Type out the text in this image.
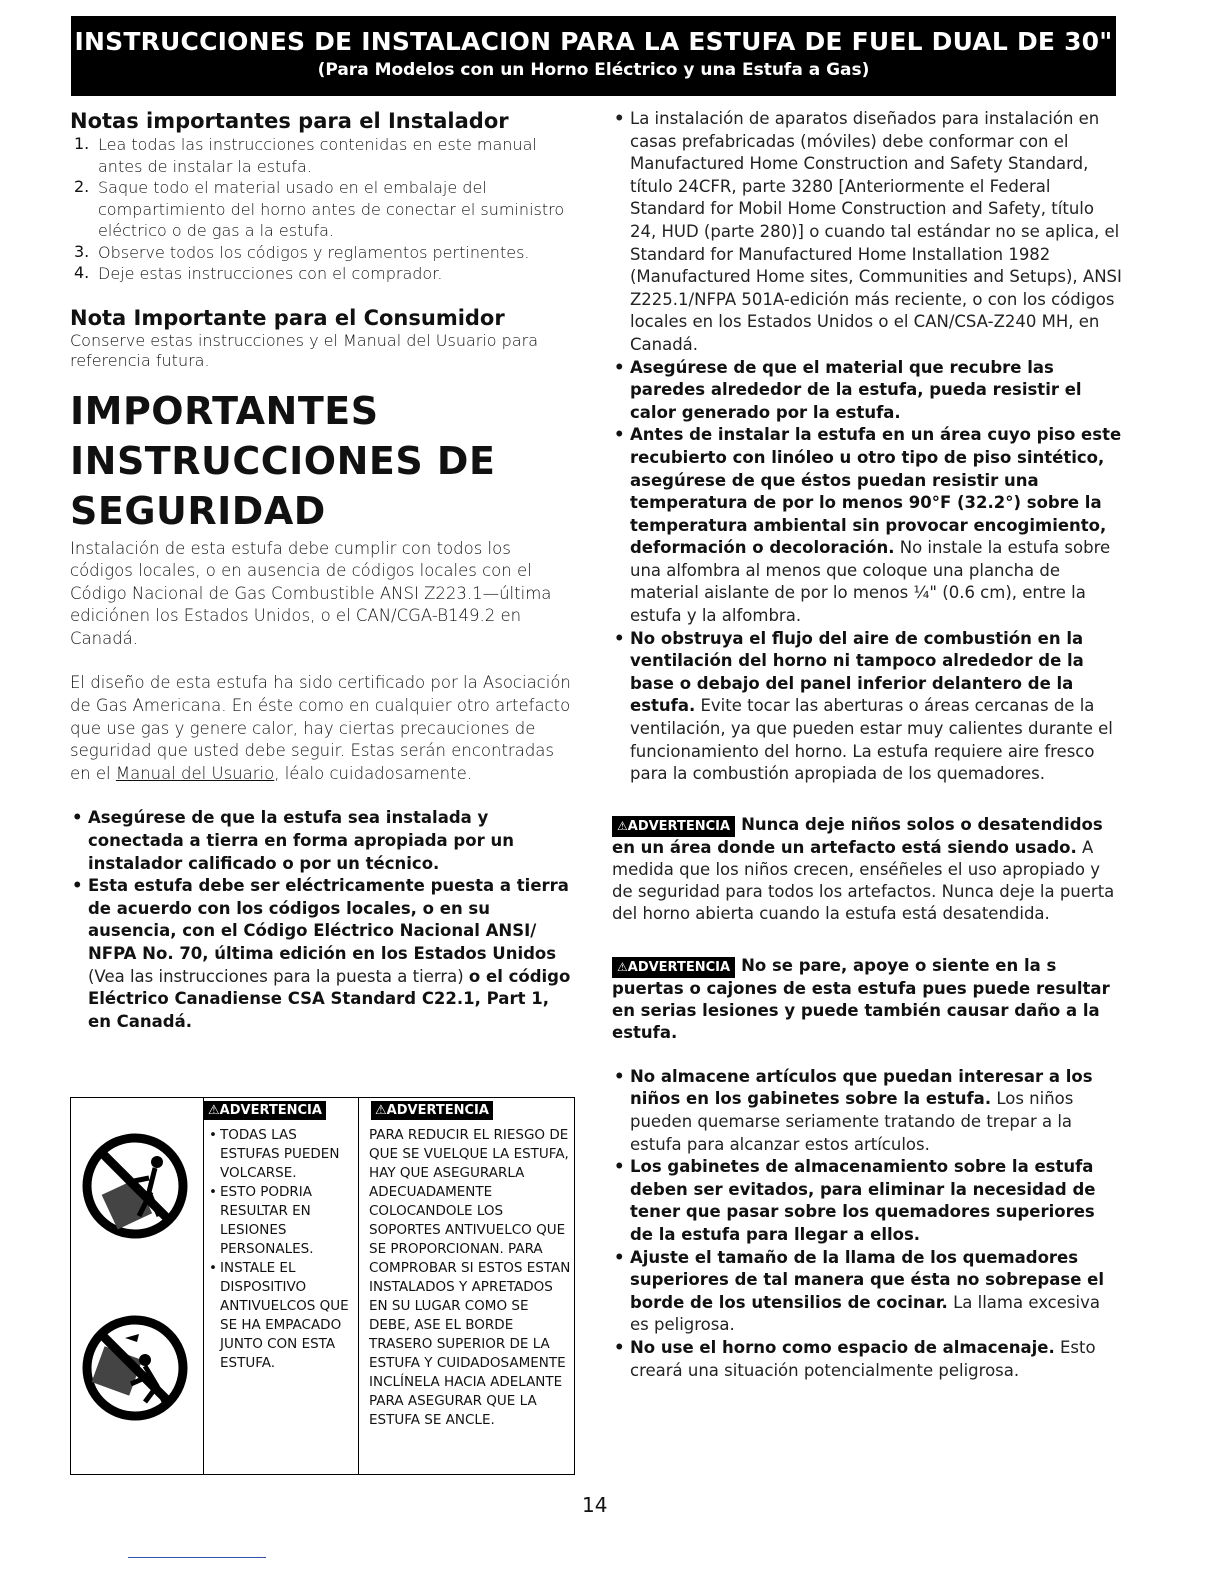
INSTRUCCIONES DE INSTALACION PARA LA ESTUFA DE FUEL DUAL DE 30"
(Para Modelos con un Horno Eléctrico y una Estufa a Gas)
Notas importantes para el Instalador
1. Lea todas las instrucciones contenidas en este manual antes de instalar la estufa.
2. Saque todo el material usado en el embalaje del compartimiento del horno antes de conectar el suministro eléctrico o de gas a la estufa.
3. Observe todos los códigos y reglamentos pertinentes.
4. Deje estas instrucciones con el comprador.
Nota Importante para el Consumidor
Conserve estas instrucciones y el Manual del Usuario para referencia futura.
IMPORTANTES
INSTRUCCIONES DE
SEGURIDAD
Instalación de esta estufa debe cumplir con todos los códigos locales, o en ausencia de códigos locales con el Código Nacional de Gas Combustible ANSI Z223.1—última ediciónen los Estados Unidos, o el CAN/CGA-B149.2 en Canadá.
El diseño de esta estufa ha sido certificado por la Asociación de Gas Americana. En éste como en cualquier otro artefacto que use gas y genere calor, hay ciertas precauciones de seguridad que usted debe seguir. Estas serán encontradas en el Manual del Usuario, léalo cuidadosamente.
• Asegúrese de que la estufa sea instalada y conectada a tierra en forma apropiada por un instalador calificado o por un técnico.
• Esta estufa debe ser eléctricamente puesta a tierra de acuerdo con los códigos locales, o en su ausencia, con el Código Eléctrico Nacional ANSI/ NFPA No. 70, última edición en los Estados Unidos (Vea las instrucciones para la puesta a tierra) o el código Eléctrico Canadiense CSA Standard C22.1, Part 1, en Canadá.
⚠ADVERTENCIA
• TODAS LAS ESTUFAS PUEDEN VOLCARSE.
• ESTO PODRIA RESULTAR EN LESIONES PERSONALES.
• INSTALE EL DISPOSITIVO ANTIVUELCOS QUE SE HA EMPACADO JUNTO CON ESTA ESTUFA.
⚠ADVERTENCIA
PARA REDUCIR EL RIESGO DE QUE SE VUELQUE LA ESTUFA, HAY QUE ASEGURARLA ADECUADAMENTE COLOCANDOLE LOS SOPORTES ANTIVUELCO QUE SE PROPORCIONAN. PARA COMPROBAR SI ESTOS ESTAN INSTALADOS Y APRETADOS EN SU LUGAR COMO SE DEBE, ASE EL BORDE TRASERO SUPERIOR DE LA ESTUFA Y CUIDADOSAMENTE INCLÍNELA HACIA ADELANTE PARA ASEGURAR QUE LA ESTUFA SE ANCLE.
• La instalación de aparatos diseñados para instalación en casas prefabricadas (móviles) debe conformar con el Manufactured Home Construction and Safety Standard, título 24CFR, parte 3280 [Anteriormente el Federal Standard for Mobil Home Construction and Safety, título 24, HUD (parte 280)] o cuando tal estándar no se aplica, el Standard for Manufactured Home Installation 1982 (Manufactured Home sites, Communities and Setups), ANSI Z225.1/NFPA 501A-edición más reciente, o con los códigos locales en los Estados Unidos o el CAN/CSA-Z240 MH, en Canadá.
• Asegúrese de que el material que recubre las paredes alrededor de la estufa, pueda resistir el calor generado por la estufa.
• Antes de instalar la estufa en un área cuyo piso este recubierto con linóleo u otro tipo de piso sintético, asegúrese de que éstos puedan resistir una temperatura de por lo menos 90°F (32.2°) sobre la temperatura ambiental sin provocar encogimiento, deformación o decoloración. No instale la estufa sobre una alfombra al menos que coloque una plancha de material aislante de por lo menos ¼" (0.6 cm), entre la estufa y la alfombra.
• No obstruya el flujo del aire de combustión en la ventilación del horno ni tampoco alrededor de la base o debajo del panel inferior delantero de la estufa. Evite tocar las aberturas o áreas cercanas de la ventilación, ya que pueden estar muy calientes durante el funcionamiento del horno. La estufa requiere aire fresco para la combustión apropiada de los quemadores.
⚠ADVERTENCIA Nunca deje niños solos o desatendidos en un área donde un artefacto está siendo usado. A medida que los niños crecen, enséñeles el uso apropiado y de seguridad para todos los artefactos. Nunca deje la puerta del horno abierta cuando la estufa está desatendida.
⚠ADVERTENCIA No se pare, apoye o siente en la s puertas o cajones de esta estufa pues puede resultar en serias lesiones y puede también causar daño a la estufa.
• No almacene artículos que puedan interesar a los niños en los gabinetes sobre la estufa. Los niños pueden quemarse seriamente tratando de trepar a la estufa para alcanzar estos artículos.
• Los gabinetes de almacenamiento sobre la estufa deben ser evitados, para eliminar la necesidad de tener que pasar sobre los quemadores superiores de la estufa para llegar a ellos.
• Ajuste el tamaño de la llama de los quemadores superiores de tal manera que ésta no sobrepase el borde de los utensilios de cocinar. La llama excesiva es peligrosa.
• No use el horno como espacio de almacenaje. Esto creará una situación potencialmente peligrosa.
14
